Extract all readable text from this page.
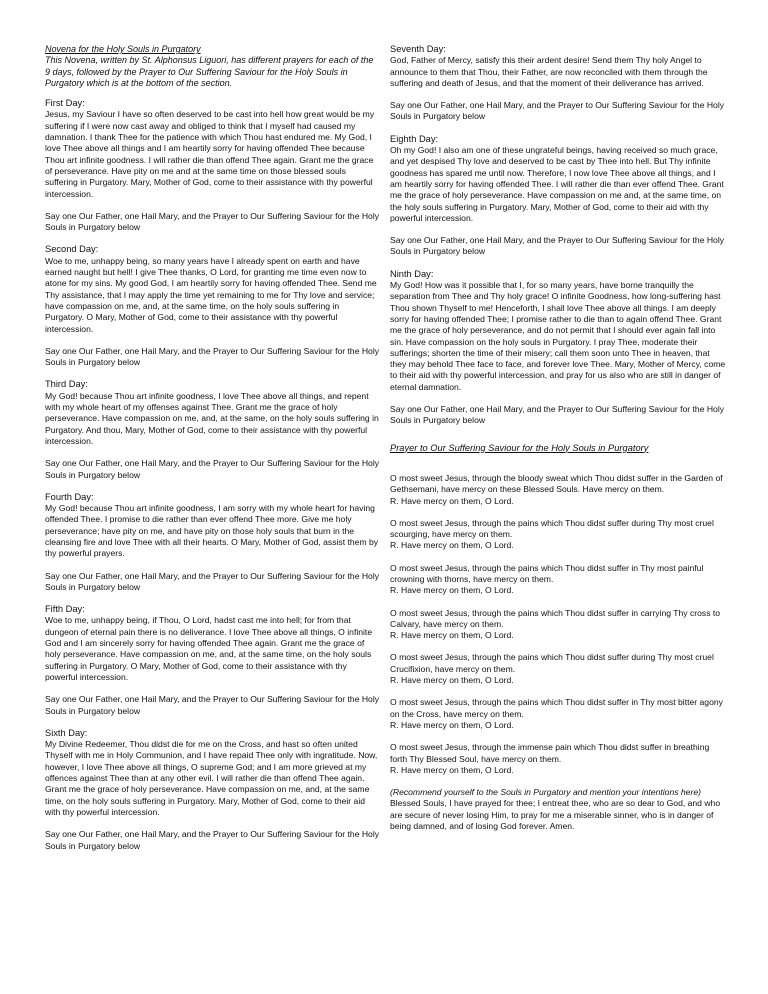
Novena for the Holy Souls in Purgatory

This Novena, written by St. Alphonsus Liguori, has different prayers for each of the 9 days, followed by the Prayer to Our Suffering Saviour for the Holy Souls in Purgatory which is at the bottom of the section.

First Day:

Jesus, my Saviour I have so often deserved to be cast into hell how great would be my suffering if I were now cast away and obliged to think that I myself had caused my damnation. I thank Thee for the patience with which Thou hast endured me. My God, I love Thee above all things and I am heartily sorry for having offended Thee because Thou art infinite goodness. I will rather die than offend Thee again. Grant me the grace of perseverance. Have pity on me and at the same time on those blessed souls suffering in Purgatory. Mary, Mother of God, come to their assistance with thy powerful intercession.

Say one Our Father, one Hail Mary, and the Prayer to Our Suffering Saviour for the Holy Souls in Purgatory below

Second Day:

Woe to me, unhappy being, so many years have I already spent on earth and have earned naught but hell! I give Thee thanks, O Lord, for granting me time even now to atone for my sins. My good God, I am heartily sorry for having offended Thee. Send me Thy assistance, that I may apply the time yet remaining to me for Thy love and service; have compassion on me, and, at the same time, on the holy souls suffering in Purgatory. O Mary, Mother of God, come to their assistance with thy powerful intercession.

Say one Our Father, one Hail Mary, and the Prayer to Our Suffering Saviour for the Holy Souls in Purgatory below

Third Day:

My God! because Thou art infinite goodness, I love Thee above all things, and repent with my whole heart of my offenses against Thee. Grant me the grace of holy perseverance. Have compassion on me, and, at the same, on the holy souls suffering in Purgatory. And thou, Mary, Mother of God, come to their assistance with thy powerful intercession.

Say one Our Father, one Hail Mary, and the Prayer to Our Suffering Saviour for the Holy Souls in Purgatory below

Fourth Day:

My God! because Thou art infinite goodness, I am sorry with my whole heart for having offended Thee. I promise to die rather than ever offend Thee more. Give me holy perseverance; have pity on me, and have pity on those holy souls that burn in the cleansing fire and love Thee with all their hearts. O Mary, Mother of God, assist them by thy powerful prayers.

Say one Our Father, one Hail Mary, and the Prayer to Our Suffering Saviour for the Holy Souls in Purgatory below

Fifth Day:

Woe to me, unhappy being, if Thou, O Lord, hadst cast me into hell; for from that dungeon of eternal pain there is no deliverance. I love Thee above all things, O infinite God and I am sincerely sorry for having offended Thee again. Grant me the grace of holy perseverance. Have compassion on me, and, at the same time, on the holy souls suffering in Purgatory. O Mary, Mother of God, come to their assistance with thy powerful intercession.

Say one Our Father, one Hail Mary, and the Prayer to Our Suffering Saviour for the Holy Souls in Purgatory below

Sixth Day:

My Divine Redeemer, Thou didst die for me on the Cross, and hast so often united Thyself with me in Holy Communion, and I have repaid Thee only with ingratitude. Now, however, I love Thee above all things, O supreme God; and I am more grieved at my offences against Thee than at any other evil. I will rather die than offend Thee again. Grant me the grace of holy perseverance. Have compassion on me, and, at the same time, on the holy souls suffering in Purgatory. Mary, Mother of God, come to their aid with thy powerful intercession.

Say one Our Father, one Hail Mary, and the Prayer to Our Suffering Saviour for the Holy Souls in Purgatory below

Seventh Day:

God, Father of Mercy, satisfy this their ardent desire! Send them Thy holy Angel to announce to them that Thou, their Father, are now reconciled with them through the suffering and death of Jesus, and that the moment of their deliverance has arrived.

Say one Our Father, one Hail Mary, and the Prayer to Our Suffering Saviour for the Holy Souls in Purgatory below

Eighth Day:

Oh my God! I also am one of these ungrateful beings, having received so much grace, and yet despised Thy love and deserved to be cast by Thee into hell. But Thy infinite goodness has spared me until now. Therefore, I now love Thee above all things, and I am heartily sorry for having offended Thee. I will rather die than ever offend Thee. Grant me the grace of holy perseverance. Have compassion on me and, at the same time, on the holy souls suffering in Purgatory. Mary, Mother of God, come to their aid with thy powerful intercession.

Say one Our Father, one Hail Mary, and the Prayer to Our Suffering Saviour for the Holy Souls in Purgatory below

Ninth Day:

My God! How was it possible that I, for so many years, have borne tranquilly the separation from Thee and Thy holy grace! O infinite Goodness, how long-suffering hast Thou shown Thyself to me! Henceforth, I shall love Thee above all things. I am deeply sorry for having offended Thee; I promise rather to die than to again offend Thee. Grant me the grace of holy perseverance, and do not permit that I should ever again fall into sin. Have compassion on the holy souls in Purgatory. I pray Thee, moderate their sufferings; shorten the time of their misery; call them soon unto Thee in heaven, that they may behold Thee face to face, and forever love Thee. Mary, Mother of Mercy, come to their aid with thy powerful intercession, and pray for us also who are still in danger of eternal damnation.

Say one Our Father, one Hail Mary, and the Prayer to Our Suffering Saviour for the Holy Souls in Purgatory below

Prayer to Our Suffering Saviour for the Holy Souls in Purgatory

O most sweet Jesus, through the bloody sweat which Thou didst suffer in the Garden of Gethsemani, have mercy on these Blessed Souls. Have mercy on them.

R. Have mercy on them, O Lord.

O most sweet Jesus, through the pains which Thou didst suffer during Thy most cruel scourging, have mercy on them.

R. Have mercy on them, O Lord.

O most sweet Jesus, through the pains which Thou didst suffer in Thy most painful crowning with thorns, have mercy on them.

R. Have mercy on them, O Lord.

O most sweet Jesus, through the pains which Thou didst suffer in carrying Thy cross to Calvary, have mercy on them.

R. Have mercy on them, O Lord.

O most sweet Jesus, through the pains which Thou didst suffer during Thy most cruel Crucifixion, have mercy on them.

R. Have mercy on them, O Lord.

O most sweet Jesus, through the pains which Thou didst suffer in Thy most bitter agony on the Cross, have mercy on them.

R. Have mercy on them, O Lord.

O most sweet Jesus, through the immense pain which Thou didst suffer in breathing forth Thy Blessed Soul, have mercy on them.

R. Have mercy on them, O Lord.

(Recommend yourself to the Souls in Purgatory and mention your intentions here) Blessed Souls, I have prayed for thee; I entreat thee, who are so dear to God, and who are secure of never losing Him, to pray for me a miserable sinner, who is in danger of being damned, and of losing God forever. Amen.
